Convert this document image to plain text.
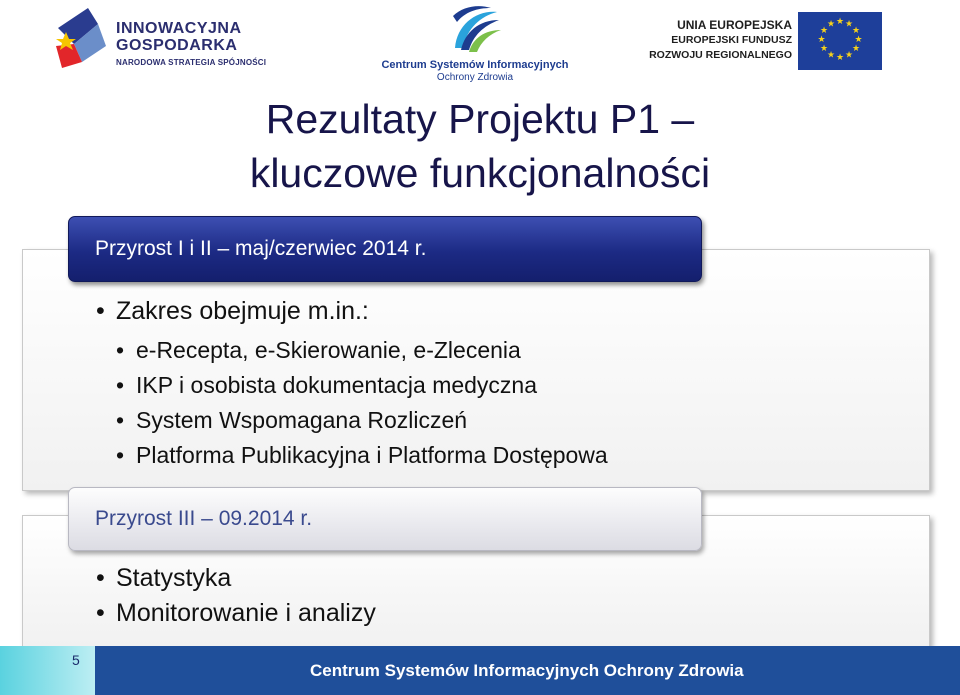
INNOWACYJNA
GOSPODARKA
NARODOWA STRATEGIA SPÓJNOŚCI	Centrum Systemów Informacyjnych
Ochrony Zdrowia
UNIA EUROPEJSKA
EUROPEJSKI FUNDUSZ
ROZWOJU REGIONALNEGO
★ ★
★
★
★
★
★
★
★
★
★
★
Rezultaty Projektu P1 –
kluczowe funkcjonalności
Przyrost I i II – maj/czerwiec 2014 r.
• Zakres obejmuje m.in.:
• e-Recepta, e-Skierowanie, e-Zlecenia
• IKP i osobista dokumentacja medyczna
• System Wspomagana Rozliczeń
• Platforma Publikacyjna i Platforma Dostępowa
Przyrost III – 09.2014 r.
• Statystyka
• Monitorowanie i analizy
5
Centrum Systemów Informacyjnych Ochrony Zdrowia
